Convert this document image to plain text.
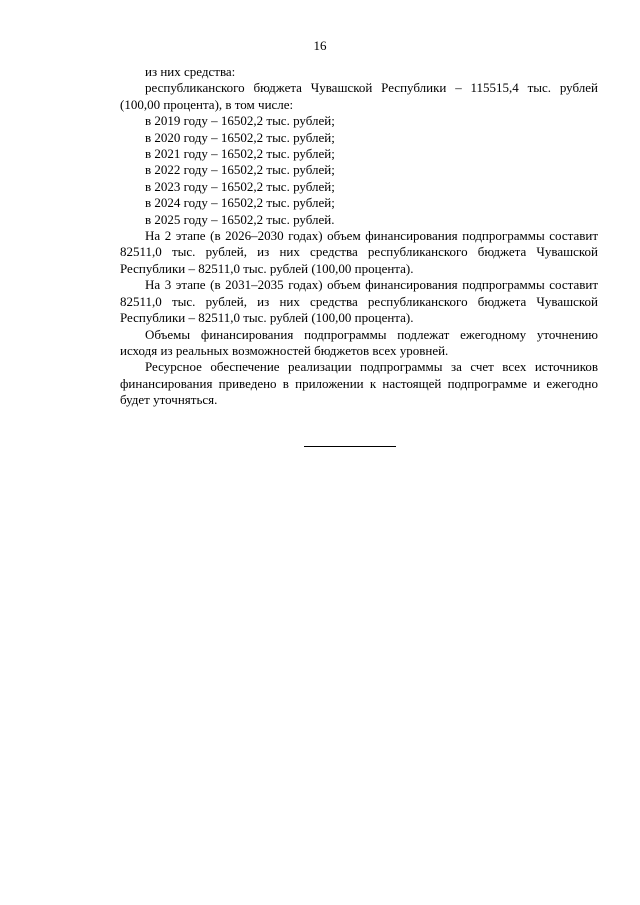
16

из них средства:

республиканского бюджета Чувашской Республики – 115515,4 тыс. рублей (100,00 процента), в том числе:

в 2019 году – 16502,2 тыс. рублей;

в 2020 году – 16502,2 тыс. рублей;

в 2021 году – 16502,2 тыс. рублей;

в 2022 году – 16502,2 тыс. рублей;

в 2023 году – 16502,2 тыс. рублей;

в 2024 году – 16502,2 тыс. рублей;

в 2025 году – 16502,2 тыс. рублей.

На 2 этапе (в 2026–2030 годах) объем финансирования подпрограммы составит 82511,0 тыс. рублей, из них средства республиканского бюджета Чувашской Республики – 82511,0 тыс. рублей (100,00 процента).

На 3 этапе (в 2031–2035 годах) объем финансирования подпрограммы составит 82511,0 тыс. рублей, из них средства республиканского бюджета Чувашской Республики – 82511,0 тыс. рублей (100,00 процента).

Объемы финансирования подпрограммы подлежат ежегодному уточнению исходя из реальных возможностей бюджетов всех уровней.

Ресурсное обеспечение реализации подпрограммы за счет всех источников финансирования приведено в приложении к настоящей подпрограмме и ежегодно будет уточняться.
